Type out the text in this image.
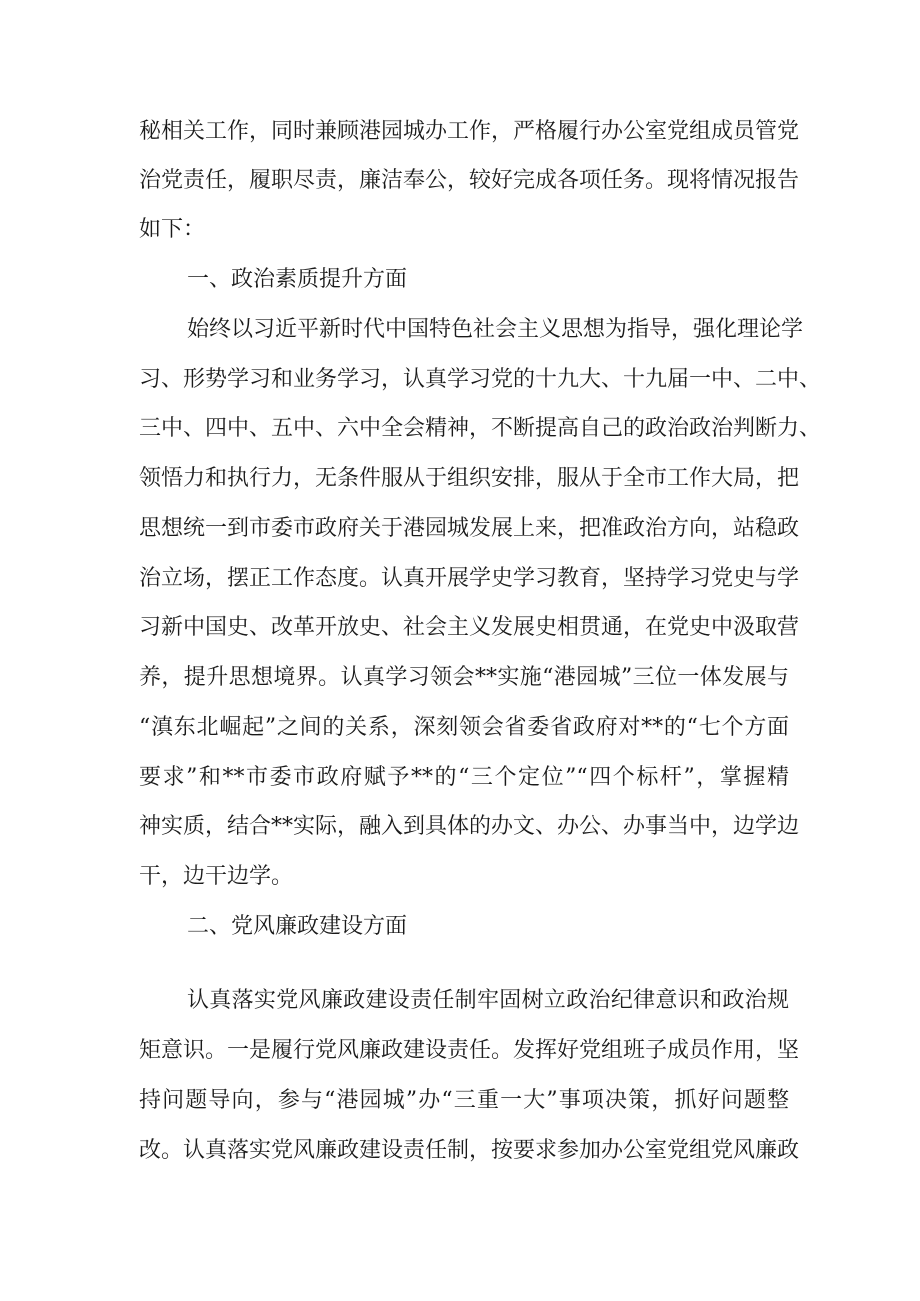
秘相关工作，同时兼顾港园城办工作，严格履行办公室党组成员管党
治党责任，履职尽责，廉洁奉公，较好完成各项任务。现将情况报告
如下：
一、政治素质提升方面
始终以习近平新时代中国特色社会主义思想为指导，强化理论学
习、形势学习和业务学习，认真学习党的十九大、十九届一中、二中、
三中、四中、五中、六中全会精神，不断提高自己的政治政治判断力、
领悟力和执行力，无条件服从于组织安排，服从于全市工作大局，把
思想统一到市委市政府关于港园城发展上来，把准政治方向，站稳政
治立场，摆正工作态度。认真开展学史学习教育，坚持学习党史与学
习新中国史、改革开放史、社会主义发展史相贯通，在党史中汲取营
养，提升思想境界。认真学习领会**实施“港园城”三位一体发展与
“滇东北崛起”之间的关系，深刻领会省委省政府对**的“七个方面
要求”和**市委市政府赋予**的“三个定位”“四个标杆”，掌握精
神实质，结合**实际，融入到具体的办文、办公、办事当中，边学边
干，边干边学。
二、党风廉政建设方面
认真落实党风廉政建设责任制牢固树立政治纪律意识和政治规
矩意识。一是履行党风廉政建设责任。发挥好党组班子成员作用，坚
持问题导向，参与“港园城”办“三重一大”事项决策，抓好问题整
改。认真落实党风廉政建设责任制，按要求参加办公室党组党风廉政
